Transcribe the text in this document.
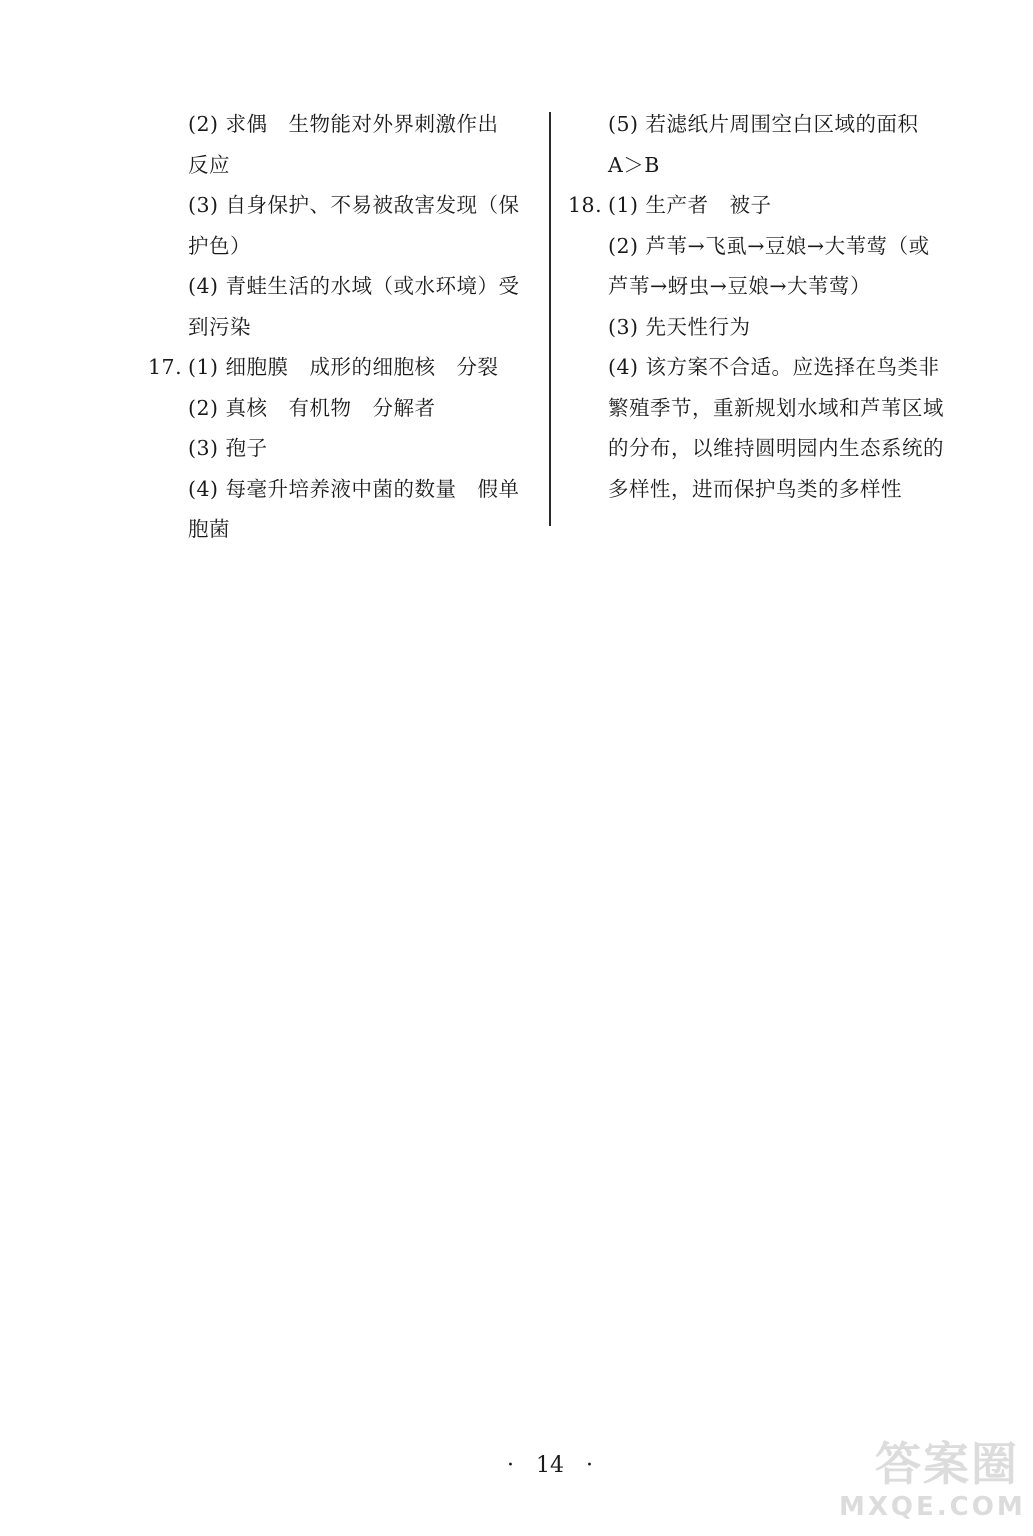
(2) 求偶　生物能对外界刺激作出
反应
(3) 自身保护、不易被敌害发现（保
护色）
(4) 青蛙生活的水域（或水环境）受
到污染
17. (1) 细胞膜　成形的细胞核　分裂
(2) 真核　有机物　分解者
(3) 孢子
(4) 每毫升培养液中菌的数量　假单
胞菌
(5) 若滤纸片周围空白区域的面积
A＞B
18. (1) 生产者　被子
(2) 芦苇→飞虱→豆娘→大苇莺（或
芦苇→蚜虫→豆娘→大苇莺）
(3) 先天性行为
(4) 该方案不合适。应选择在鸟类非
繁殖季节，重新规划水域和芦苇区域
的分布，以维持圆明园内生态系统的
多样性，进而保护鸟类的多样性
·　14　·	答案圈
MXQE.COM
